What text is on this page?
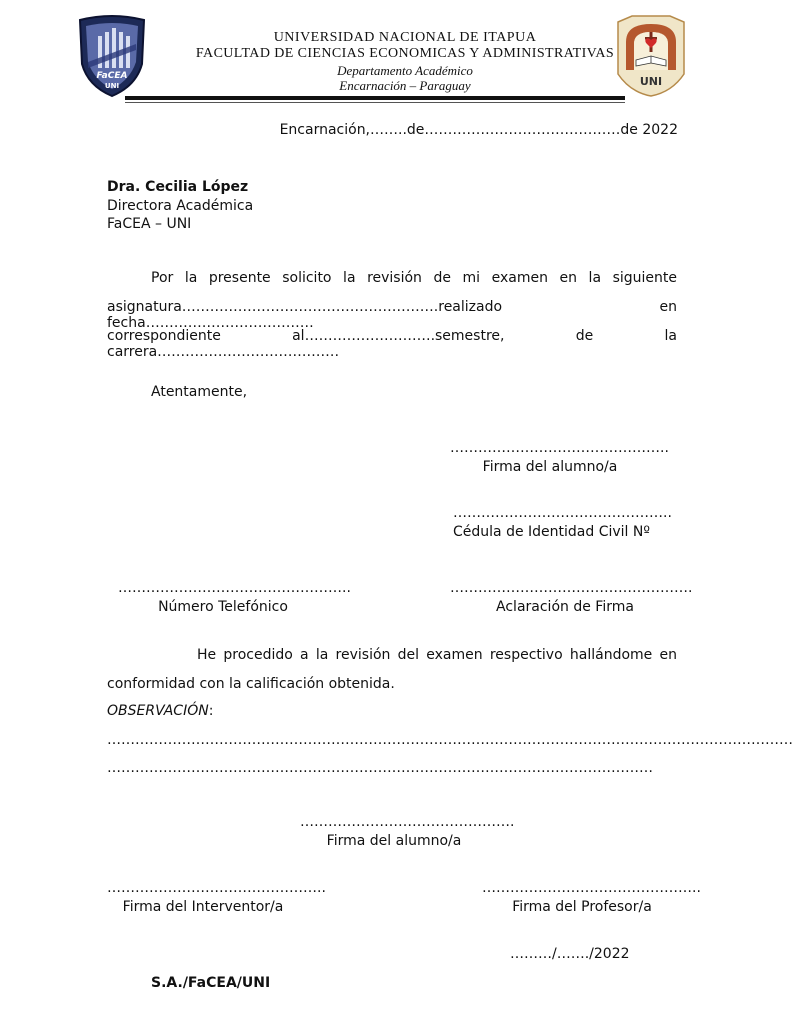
FaCEA
UNI	UNI
UNIVERSIDAD NACIONAL DE ITAPUA
FACULTAD DE CIENCIAS ECONOMICAS Y ADMINISTRATIVAS
Departamento Académico
Encarnación – Paraguay
Encarnación,……..de……………………………………de 2022
Dra. Cecilia López
Directora Académica
FaCEA – UNI
Por la presente solicito la revisión de mi examen en la siguiente
asignatura……………………………………………….realizado en fecha………………………………
correspondiente al……………………….semestre, de la carrera…………………………………
Atentamente,
………………………………………..
Firma del alumno/a
………………………………………..
Cédula de Identidad Civil Nº
…………………………………………..
Número Telefónico
…………………………………………….
Aclaración de Firma
He procedido a la revisión del examen respectivo hallándome en
conformidad con la calificación obtenida.
OBSERVACIÓN:
…………………………………………………………………………………………………………………………………
………………………………………………………………………………………………………
……………………………………….
Firma del alumno/a
………………………………………..
Firma del Interventor/a
………………………………………..
Firma del Profesor/a
………/……./2022
S.A./FaCEA/UNI
